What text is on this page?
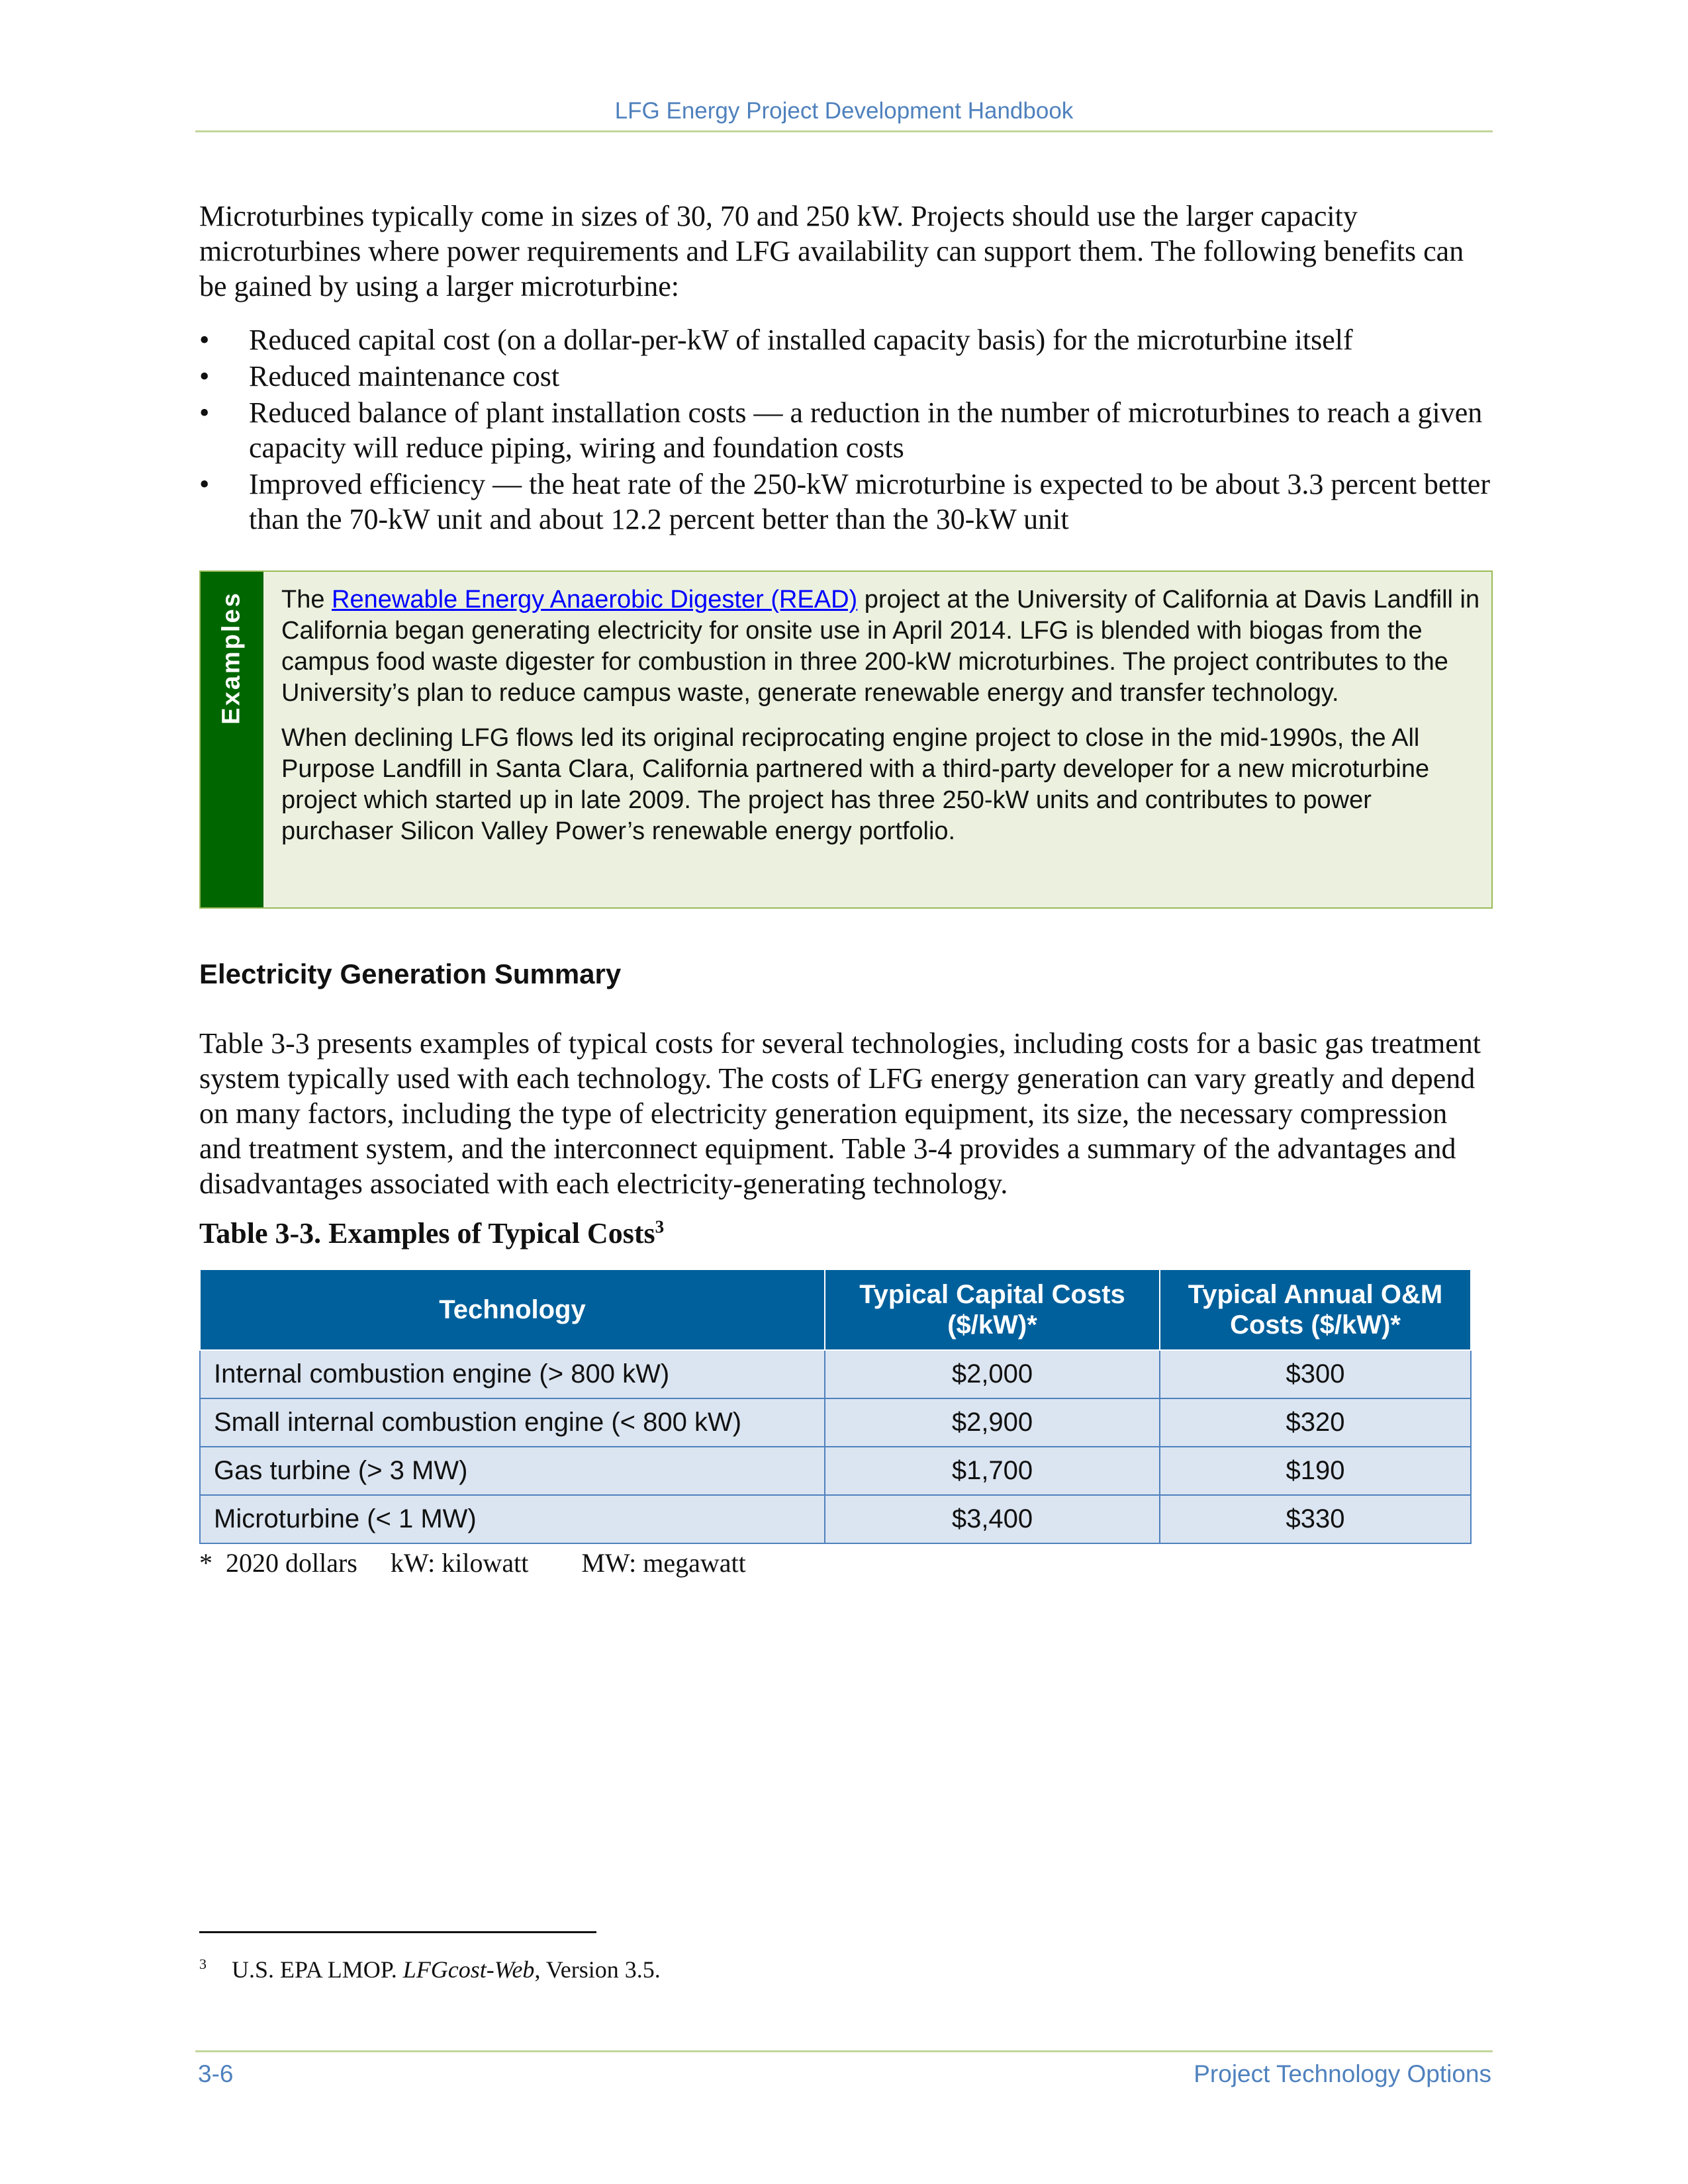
LFG Energy Project Development Handbook

Microturbines typically come in sizes of 30, 70 and 250 kW. Projects should use the larger capacity microturbines where power requirements and LFG availability can support them. The following benefits can be gained by using a larger microturbine:

•	Reduced capital cost (on a dollar-per-kW of installed capacity basis) for the microturbine itself
•	Reduced maintenance cost
•	Reduced balance of plant installation costs — a reduction in the number of microturbines to reach a given capacity will reduce piping, wiring and foundation costs
•	Improved efficiency — the heat rate of the 250-kW microturbine is expected to be about 3.3 percent better than the 70-kW unit and about 12.2 percent better than the 30-kW unit
Examples The Renewable Energy Anaerobic Digester (READ) project at the University of California at Davis Landfill in California began generating electricity for onsite use in April 2014. LFG is blended with biogas from the campus food waste digester for combustion in three 200-kW microturbines. The project contributes to the University’s plan to reduce campus waste, generate renewable energy and transfer technology.

When declining LFG flows led its original reciprocating engine project to close in the mid-1990s, the All Purpose Landfill in Santa Clara, California partnered with a third-party developer for a new microturbine project which started up in late 2009. The project has three 250-kW units and contributes to power purchaser Silicon Valley Power’s renewable energy portfolio.

Electricity Generation Summary

Table 3-3 presents examples of typical costs for several technologies, including costs for a basic gas treatment system typically used with each technology. The costs of LFG energy generation can vary greatly and depend on many factors, including the type of electricity generation equipment, its size, the necessary compression and treatment system, and the interconnect equipment. Table 3-4 provides a summary of the advantages and disadvantages associated with each electricity-generating technology.

Table 3-3. Examples of Typical Costs$^3$

Technology	Typical Capital Costs ($/kW)*	Typical Annual O&M Costs ($/kW)*
Internal combustion engine (> 800 kW)	$2,000	$300
Small internal combustion engine (< 800 kW)	$2,900	$320
Gas turbine (> 3 MW)	$1,700	$190
Microturbine (< 1 MW)	$3,400	$330

*  2020 dollars     kW: kilowatt        MW: megawatt

$^3$ U.S. EPA LMOP. LFGcost-Web, Version 3.5.

3-6	Project Technology Options
